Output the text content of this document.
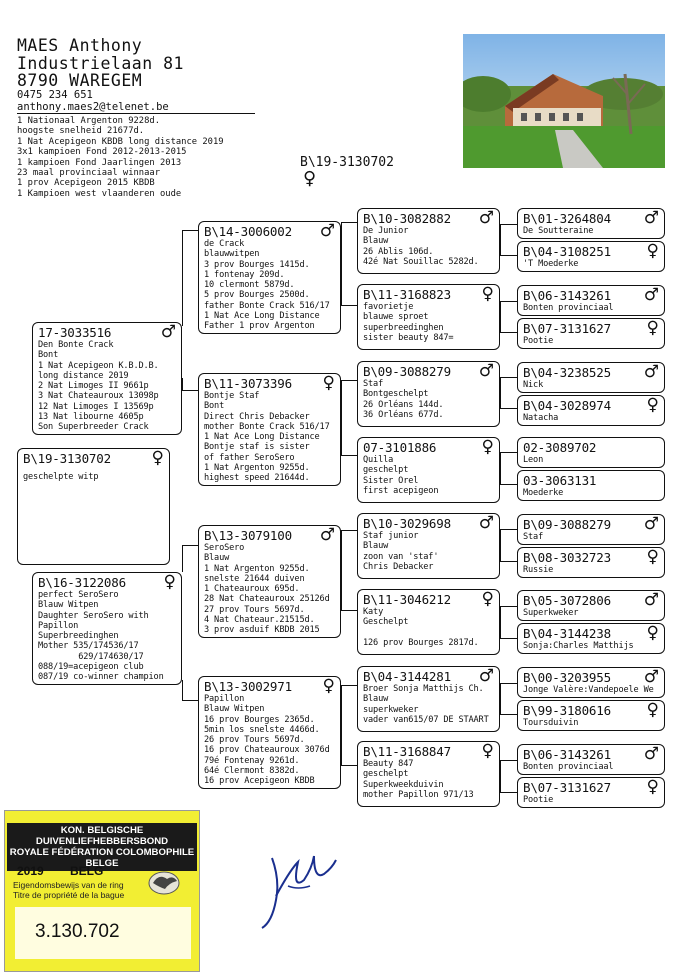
MAES Anthony
Industrielaan 81
8790 WAREGEM
0475 234 651
anthony.maes2@telenet.be
1 Nationaal Argenton 9228d.
hoogste snelheid 21677d.
1 Nat Acepigeon KBDB long distance 2019
3x1 kampioen Fond 2012-2013-2015
1 kampioen Fond Jaarlingen 2013
23 maal provinciaal winnaar
1 prov Acepigeon 2015 KBDB
1 Kampioen west vlaanderen oude
B\19-3130702
♀
B\19-3130702	♀
geschelpte witp
17-3033516	♂
Den Bonte Crack
Bont
1 Nat Acepigeon K.B.D.B.
long distance 2019
2 Nat Limoges II 9661p
3 Nat Chateauroux 13098p
12 Nat Limoges I 13569p
13 Nat libourne 4605p
Son Superbreeder Crack
B\16-3122086	♀
perfect SeroSero
Blauw Witpen
Daughter SeroSero with
Papillon
Superbreedinghen
Mother 535/174536/17
629/174630/17
088/19=acepigeon club
087/19 co-winner champion
B\14-3006002	♂
de Crack
blauwwitpen
3 prov Bourges 1415d.
1 fontenay 209d.
10 clermont 5879d.
5 prov Bourges 2500d.
father Bonte Crack 516/17
1 Nat Ace Long Distance
Father 1 prov Argenton
B\11-3073396	♀
Bontje Staf
Bont
Direct Chris Debacker
mother Bonte Crack 516/17
1 Nat Ace Long Distance
Bontje staf is sister
of father SeroSero
1 Nat Argenton 9255d.
highest speed 21644d.
B\13-3079100	♂
SeroSero
Blauw
1 Nat Argenton 9255d.
snelste 21644 duiven
1 Chateauroux 695d.
28 Nat Chateauroux 25126d
27 prov Tours 5697d.
4 Nat Chateaur.21515d.
3 prov asduif KBDB 2015
B\13-3002971	♀
Papillon
Blauw Witpen
16 prov Bourges 2365d.
5min los snelste 4466d.
26 prov Tours 5697d.
16 prov Chateauroux 3076d
79é Fontenay 9261d.
64é Clermont 8382d.
16 prov Acepigeon KBDB
B\10-3082882	♂
De Junior
Blauw
26 Ablis 106d.
42é Nat Souillac 5282d.
B\11-3168823	♀
favorietje
blauwe sproet
superbreedinghen
sister beauty 847=
B\09-3088279	♂
Staf
Bontgeschelpt
26 Orléans 144d.
36 Orléans 677d.
07-3101886	♀
Quilla
geschelpt
Sister Orel
first acepigeon
B\10-3029698	♂
Staf junior
Blauw
zoon van 'staf'
Chris Debacker
B\11-3046212	♀
Katy
Geschelpt
126 prov Bourges 2817d.
B\04-3144281	♂
Broer Sonja Matthijs Ch.
Blauw
superkweker
vader van615/07 DE STAART
B\11-3168847	♀
Beauty 847
geschelpt
Superkweekduivin
mother Papillon 971/13
B\01-3264804	♂
De Soutteraine
B\04-3108251	♀
'T Moederke
B\06-3143261	♂
Bonten provinciaal
B\07-3131627	♀
Pootie
B\04-3238525	♂
Nick
B\04-3028974	♀
Natacha
02-3089702
Leon
03-3063131
Moederke
B\09-3088279	♂
Staf
B\08-3032723	♀
Russie
B\05-3072806	♂
Superkweker
B\04-3144238	♀
Sonja:Charles Matthijs
B\00-3203955	♂
Jonge Valère:Vandepoele We
B\99-3180616	♀
Toursduivin
B\06-3143261	♂
Bonten provinciaal
B\07-3131627	♀
Pootie
KON. BELGISCHE DUIVENLIEFHEBBERSBOND
ROYALE FÉDÉRATION COLOMBOPHILE BELGE
2019 BELG
Eigendomsbewijs van de ring
Titre de propriété de la bague
3.130.702
